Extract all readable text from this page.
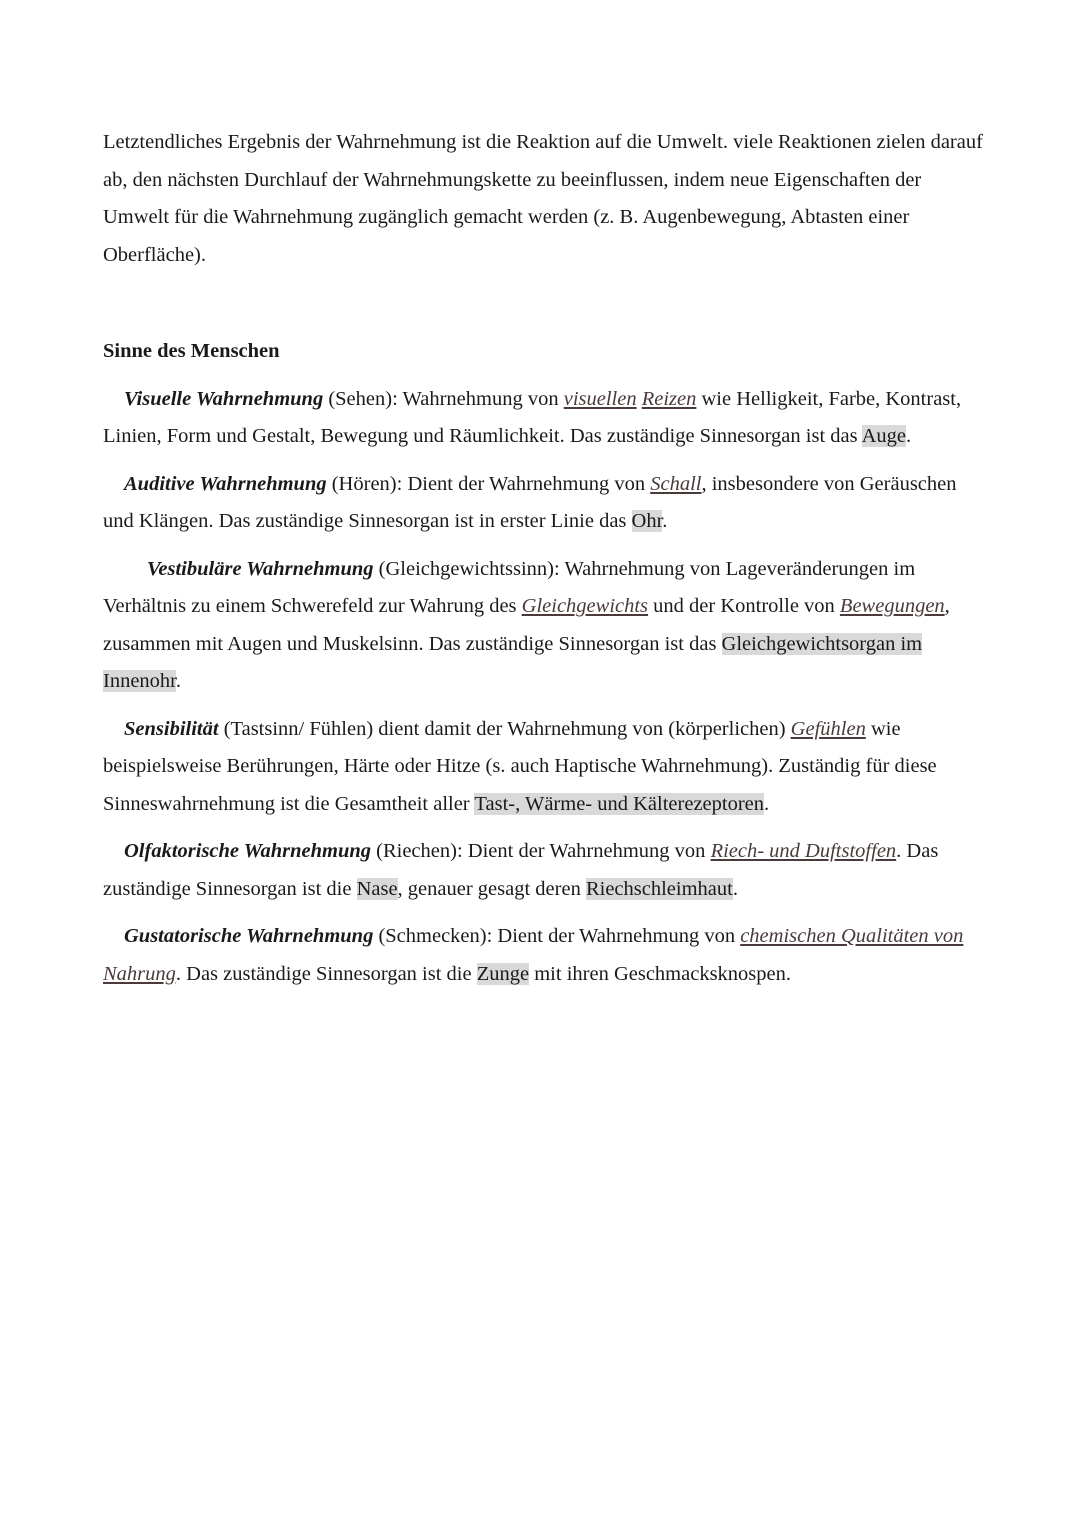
Letztendliches Ergebnis der Wahrnehmung ist die Reaktion auf die Umwelt. viele Reaktionen zielen darauf ab, den nächsten Durchlauf der Wahrnehmungskette zu beeinflussen, indem neue Eigenschaften der Umwelt für die Wahrnehmung zugänglich gemacht werden (z. B. Augenbewegung, Abtasten einer Oberfläche).

Sinne des Menschen

Visuelle Wahrnehmung (Sehen): Wahrnehmung von visuellen Reizen wie Helligkeit, Farbe, Kontrast, Linien, Form und Gestalt, Bewegung und Räumlichkeit. Das zuständige Sinnesorgan ist das Auge.

Auditive Wahrnehmung (Hören): Dient der Wahrnehmung von Schall, insbesondere von Geräuschen und Klängen. Das zuständige Sinnesorgan ist in erster Linie das Ohr.

Vestibuläre Wahrnehmung (Gleichgewichtssinn): Wahrnehmung von Lageveränderungen im Verhältnis zu einem Schwerefeld zur Wahrung des Gleichgewichts und der Kontrolle von Bewegungen, zusammen mit Augen und Muskelsinn. Das zuständige Sinnesorgan ist das Gleichgewichtsorgan im Innenohr.

Sensibilität (Tastsinn/ Fühlen) dient damit der Wahrnehmung von (körperlichen) Gefühlen wie beispielsweise Berührungen, Härte oder Hitze (s. auch Haptische Wahrnehmung). Zuständig für diese Sinneswahrnehmung ist die Gesamtheit aller Tast-, Wärme- und Kälterezeptoren.

Olfaktorische Wahrnehmung (Riechen): Dient der Wahrnehmung von Riech- und Duftstoffen. Das zuständige Sinnesorgan ist die Nase, genauer gesagt deren Riechschleimhaut.

Gustatorische Wahrnehmung (Schmecken): Dient der Wahrnehmung von chemischen Qualitäten von Nahrung. Das zuständige Sinnesorgan ist die Zunge mit ihren Geschmacksknospen.
